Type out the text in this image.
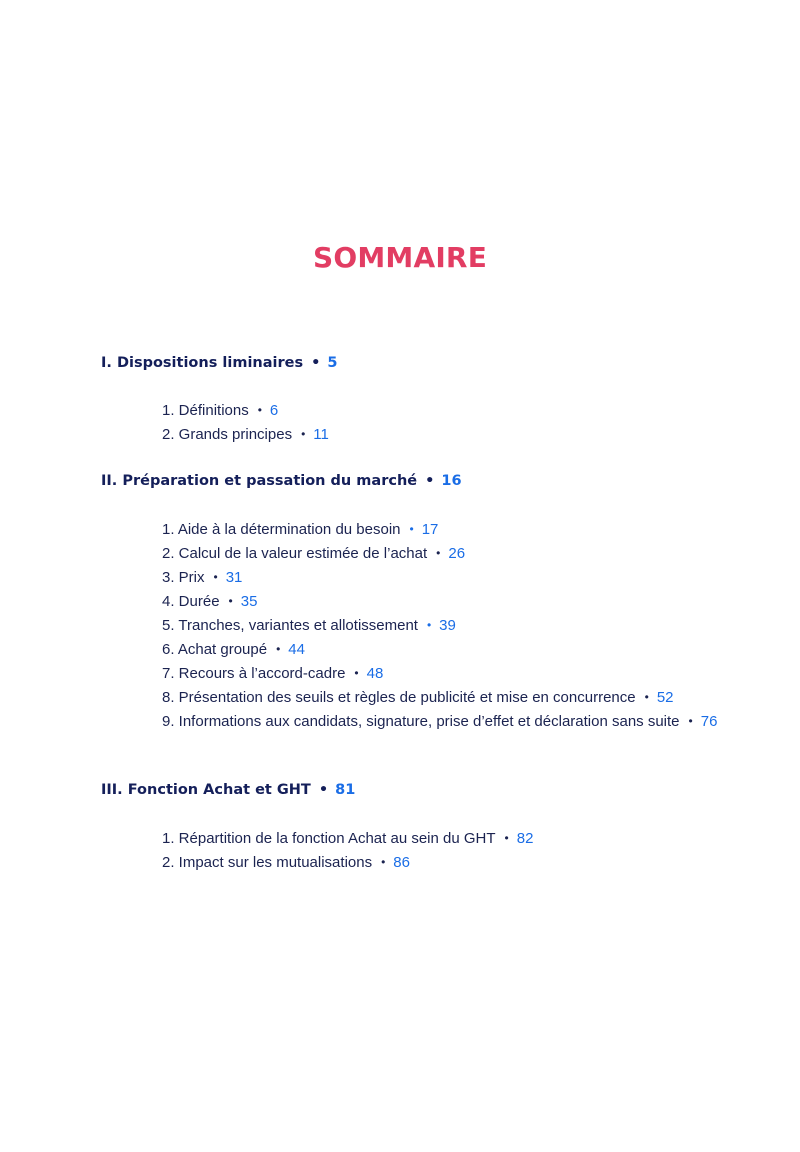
SOMMAIRE
I. Dispositions liminaires • 5
1. Définitions • 6
2. Grands principes • 11
II. Préparation et passation du marché • 16
1. Aide à la détermination du besoin • 17
2. Calcul de la valeur estimée de l’achat • 26
3. Prix • 31
4. Durée • 35
5. Tranches, variantes et allotissement • 39
6. Achat groupé • 44
7. Recours à l’accord-cadre • 48
8. Présentation des seuils et règles de publicité et mise en concurrence • 52
9. Informations aux candidats, signature, prise d’effet et déclaration sans suite • 76
III. Fonction Achat et GHT • 81
1. Répartition de la fonction Achat au sein du GHT • 82
2. Impact sur les mutualisations • 86
